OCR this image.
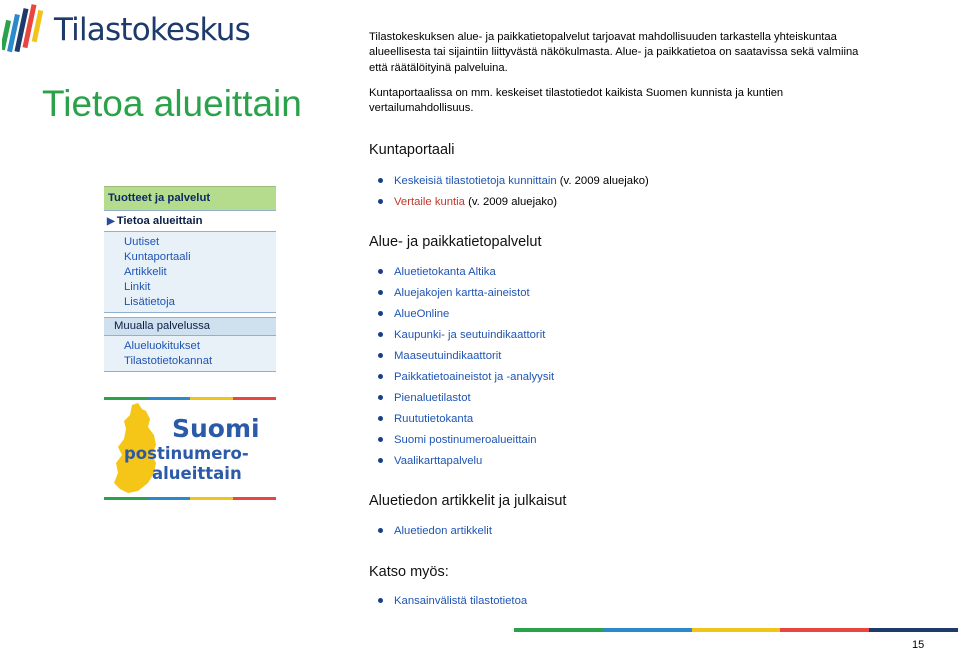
Tilastokeskus
Tietoa alueittain

Tilastokeskuksen alue- ja paikkatietopalvelut tarjoavat mahdollisuuden tarkastella yhteiskuntaa alueellisesta tai sijaintiin liittyvästä näkökulmasta. Alue- ja paikkatietoa on saatavissa sekä valmiina että räätälöityinä palveluina.

Kuntaportaalissa on mm. keskeiset tilastotiedot kaikista Suomen kunnista ja kuntien vertailumahdollisuus.

Kuntaportaali
Keskeisiä tilastotietoja kunnittain (v. 2009 aluejako)
Vertaile kuntia (v. 2009 aluejako)
Alue- ja paikkatietopalvelut
Aluetietokanta Altika
Aluejakojen kartta-aineistot
AlueOnline
Kaupunki- ja seutuindikaattorit
Maaseutuindikaattorit
Paikkatietoaineistot ja -analyysit
Pienaluetilastot
Ruututietokanta
Suomi postinumeroalueittain
Vaalikarttapalvelu
Aluetiedon artikkelit ja julkaisut
Aluetiedon artikkelit
Katso myös:
Kansainvälistä tilastotietoa
Tuotteet ja palvelut
▶ Tietoa alueittain
Uutiset
Kuntaportaali
Artikkelit
Linkit
Lisätietoja
Muualla palvelussa
Alueluokitukset
Tilastotietokannat
Suomi
postinumero-
alueittain
15
